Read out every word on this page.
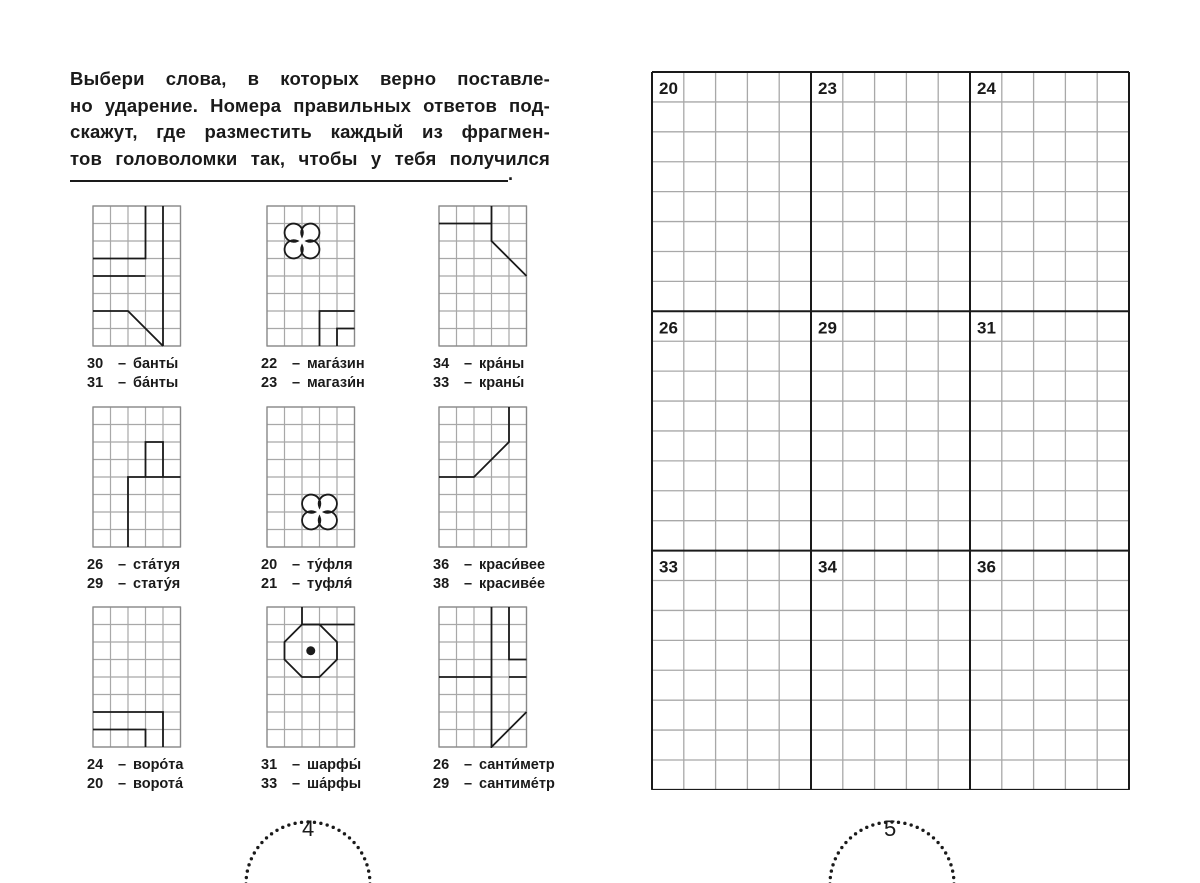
Выбери слова, в которых верно поставле-
но ударение. Номера правильных ответов под-
скажут, где разместить каждый из фрагмен-
тов головоломки так, чтобы у тебя получился
.
30 – банты́
31 – ба́нты
22 – мага́зин
23 – магази́н
34 – кра́ны
33 – краны́
26 – ста́туя
29 – стату́я
20 – ту́фля
21 – туфля́
36 – краси́вее
38 – красиве́е
24 – воро́та
20 – ворота́
31 – шарфы́
33 – ша́рфы
26 – санти́метр
29 – сантиме́тр
4	5
20	23	24
26	29	31
33	34	36
